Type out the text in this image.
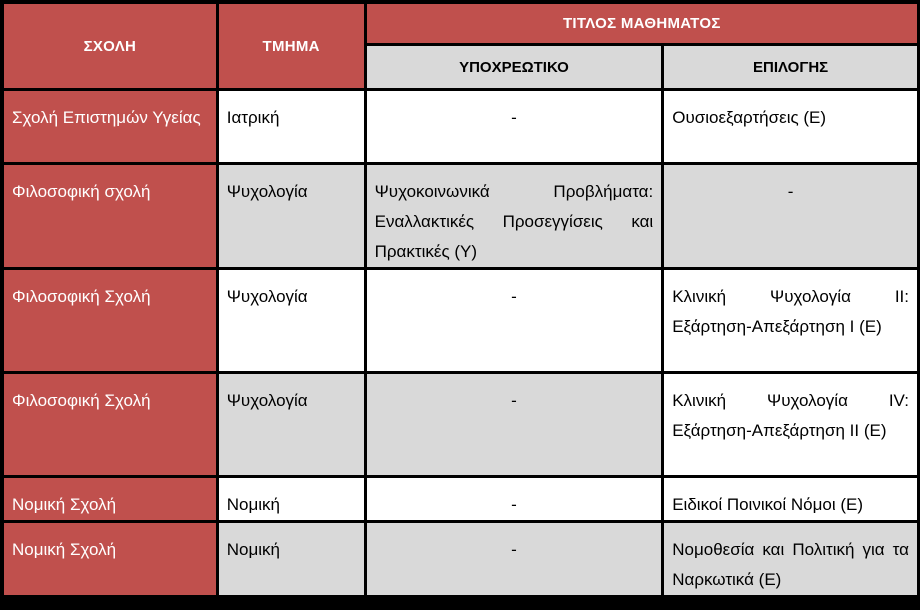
ΣΧΟΛΗ	ΤΜΗΜΑ	ΤΙΤΛΟΣ ΜΑΘΗΜΑΤΟΣ	
		ΥΠΟΧΡΕΩΤΙΚΟ	ΕΠΙΛΟΓΗΣ
Σχολή Επιστημών Υγείας	Ιατρική	-	Ουσιοεξαρτήσεις (Ε)
Φιλοσοφική σχολή	Ψυχολογία	Ψυχοκοινωνικά Προβλήματα: Εναλλακτικές Προσεγγίσεις και Πρακτικές (Υ)	-
Φιλοσοφική Σχολή	Ψυχολογία	-	Κλινική Ψυχολογία ΙΙ: Εξάρτηση-Απεξάρτηση Ι (Ε)
Φιλοσοφική Σχολή	Ψυχολογία	-	Κλινική Ψυχολογία IV: Εξάρτηση-Απεξάρτηση ΙΙ (Ε)
Νομική Σχολή	Νομική	-	Ειδικοί Ποινικοί Νόμοι (Ε)
Νομική Σχολή	Νομική	-	Νομοθεσία και Πολιτική για τα Ναρκωτικά (Ε)
